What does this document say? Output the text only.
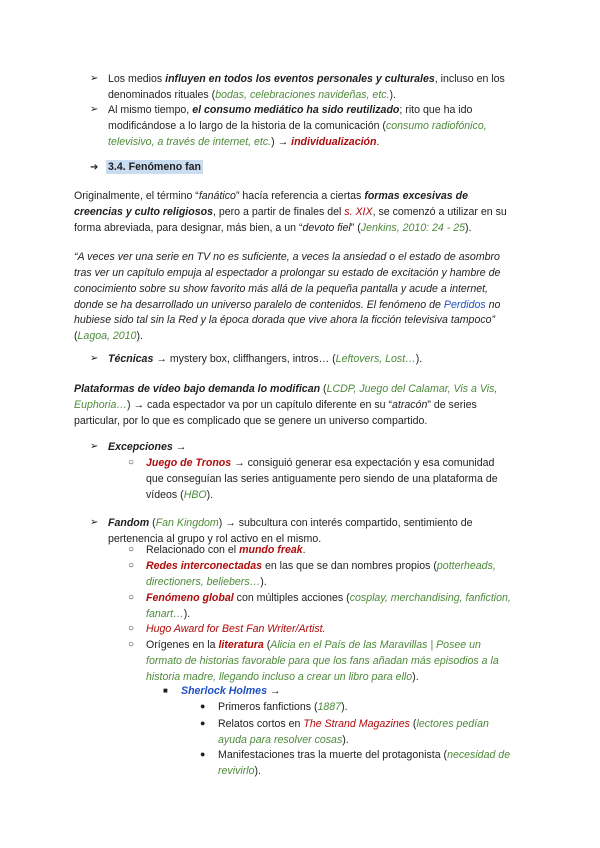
➢ Los medios influyen en todos los eventos personales y culturales, incluso en los
denominados rituales (bodas, celebraciones navideñas, etc.).
➢ Al mismo tiempo, el consumo mediático ha sido reutilizado; rito que ha ido
modificándose a lo largo de la historia de la comunicación (consumo radiofónico,
televisivo, a través de internet, etc.) → individualización.
➔ 3.4. Fenómeno fan
Originalmente, el término “fanático” hacía referencia a ciertas formas excesivas de
creencias y culto religiosos, pero a partir de finales del s. XIX, se comenzó a utilizar en su
forma abreviada, para designar, más bien, a un “devoto fiel” (Jenkins, 2010: 24 - 25).
“A veces ver una serie en TV no es suficiente, a veces la ansiedad o el estado de asombro
tras ver un capítulo empuja al espectador a prolongar su estado de excitación y hambre de
conocimiento sobre su show favorito más allá de la pequeña pantalla y acude a internet,
donde se ha desarrollado un universo paralelo de contenidos. El fenómeno de Perdidos no
hubiese sido tal sin la Red y la época dorada que vive ahora la ficción televisiva tampoco”
(Lagoa, 2010).
➢ Técnicas → mystery box, cliffhangers, intros… (Leftovers, Lost…).
Plataformas de vídeo bajo demanda lo modifican (LCDP, Juego del Calamar, Vis a Vis,
Euphoria…) → cada espectador va por un capítulo diferente en su “atracón” de series
particular, por lo que es complicado que se genere un universo compartido.
➢ Excepciones →
○ Juego de Tronos → consiguió generar esa expectación y esa comunidad
que conseguían las series antiguamente pero siendo de una plataforma de
vídeos (HBO).
➢ Fandom (Fan Kingdom) → subcultura con interés compartido, sentimiento de
pertenencia al grupo y rol activo en el mismo.
○ Relacionado con el mundo freak.
○ Redes interconectadas en las que se dan nombres propios (potterheads,
directioners, beliebers…).
○ Fenómeno global con múltiples acciones (cosplay, merchandising, fanfiction,
fanart…).
○ Hugo Award for Best Fan Writer/Artist.
○ Orígenes en la literatura (Alicia en el País de las Maravillas | Posee un
formato de historias favorable para que los fans añadan más episodios a la
historia madre, llegando incluso a crear un libro para ello).
■ Sherlock Holmes →
● Primeros fanfictions (1887).
● Relatos cortos en The Strand Magazines (lectores pedían
ayuda para resolver cosas).
● Manifestaciones tras la muerte del protagonista (necesidad de
revivirlo).
